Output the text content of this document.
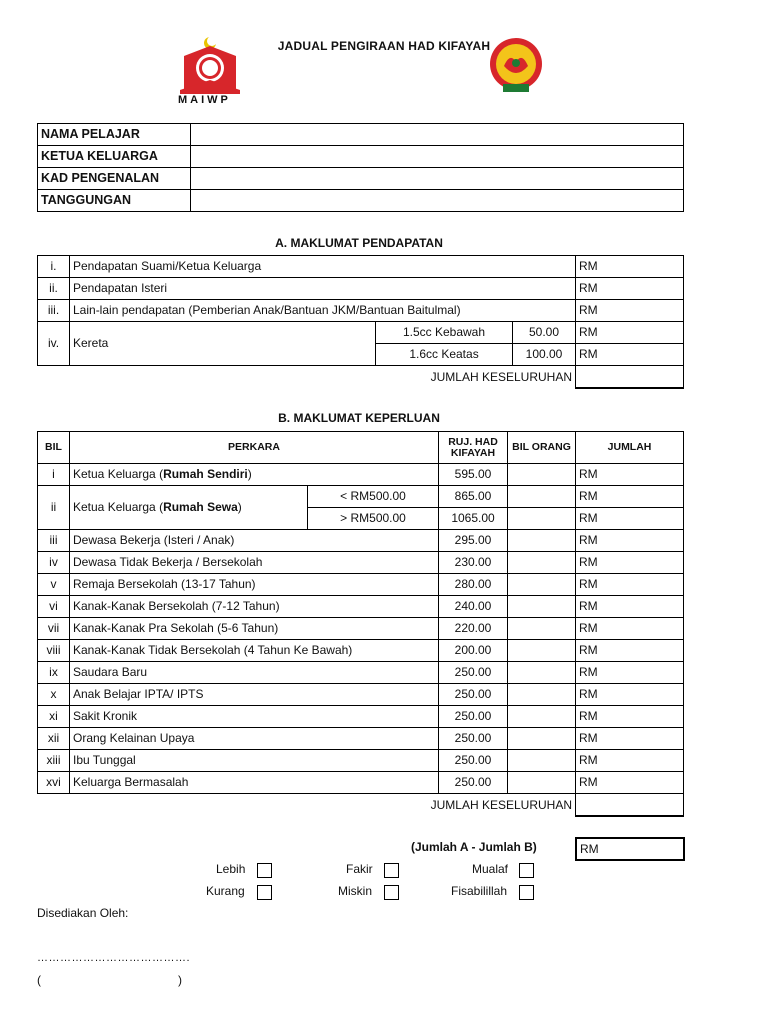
JADUAL PENGIRAAN HAD KIFAYAH
MAIWP
NAMA PELAJAR	
KETUA KELUARGA	
KAD PENGENALAN	
TANGGUNGAN	
A. MAKLUMAT PENDAPATAN
i.	Pendapatan Suami/Ketua Keluarga			RM
ii.	Pendapatan Isteri			RM
iii.	Lain-lain pendapatan (Pemberian Anak/Bantuan JKM/Bantuan Baitulmal)			RM
iv.	Kereta	1.5cc Kebawah	50.00	RM
		1.6cc Keatas	100.00	RM
JUMLAH KESELURUHAN				
B. MAKLUMAT KEPERLUAN
BIL	PERKARA		RUJ. HAD KIFAYAH	BIL ORANG	JUMLAH
i	Ketua Keluarga (Rumah Sendiri)		595.00		RM
ii	Ketua Keluarga (Rumah Sewa)	< RM500.00	865.00		RM
		> RM500.00	1065.00		RM
iii	Dewasa Bekerja (Isteri / Anak)		295.00		RM
iv	Dewasa Tidak Bekerja / Bersekolah		230.00		RM
v	Remaja Bersekolah (13-17 Tahun)		280.00		RM
vi	Kanak-Kanak Bersekolah (7-12 Tahun)		240.00		RM
vii	Kanak-Kanak Pra Sekolah (5-6 Tahun)		220.00		RM
viii	Kanak-Kanak Tidak Bersekolah (4 Tahun Ke Bawah)		200.00		RM
ix	Saudara Baru		250.00		RM
x	Anak Belajar IPTA/ IPTS		250.00		RM
xi	Sakit Kronik		250.00		RM
xii	Orang Kelainan Upaya		250.00		RM
xiii	Ibu Tunggal		250.00		RM
xvi	Keluarga Bermasalah		250.00		RM
JUMLAH KESELURUHAN					
(Jumlah A - Jumlah B)	RM
Lebih	Fakir	Mualaf
Kurang	Miskin	Fisabilillah
Disediakan Oleh:
………………………………….
(	)
